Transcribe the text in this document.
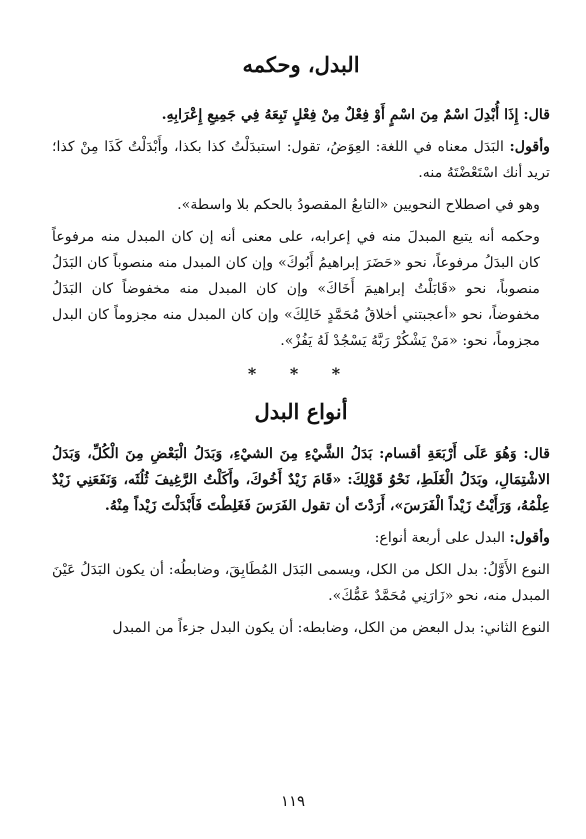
البدل، وحكمه

قال: إِذَا أُبْدِلَ اسْمٌ مِنَ اسْمٍ أَوْ فِعْلٌ مِنْ فِعْلٍ تَبِعَهُ فِي جَمِيعِ إِعْرَابِهِ.

وأقول: البَدَل معناه في اللغة: العِوَضُ، تقول: استبدَلْتُ كذا بكذا، وأَبْدَلْتُ كَذَا مِنْ كذا؛ تريد أنك اسْتَعْضْتَهُ منه.

وهو في اصطلاح النحويين «التابعُ المقصودُ بالحكم بلا واسطة».

وحكمه أنه يتبع المبدلَ منه في إعرابه، على معنى أنه إن كان المبدل منه مرفوعاً كان البدَلُ مرفوعاً، نحو «حَضَرَ إبراهيمُ أَبُوكَ» وإن كان المبدل منه منصوباً كان البَدَلُ منصوباً، نحو «قَابَلْتُ إبراهيمَ أَخَاكَ» وإن كان المبدل منه مخفوضاً كان البَدَلُ مخفوضاً، نحو «أعجبتني أخلاقُ مُحَمَّدٍ خَالِكَ» وإن كان المبدل منه مجزوماً كان البدل مجزوماً، نحو: «مَنْ يَشْكُرْ رَبَّهُ يَسْجُدْ لَهُ يَفُزْ».

* * *
أنواع البدل

قال: وَهُوَ عَلَى أَرْبَعَةِ أقسام: بَدَلُ الشَّيْءِ مِنَ الشيْءِ، وَبَدَلُ الْبَعْضِ مِنَ الْكُلِّ، وَبَدَلُ الاشْتِمَالِ، وبَدَلُ الْغَلَطِ، نَحْوُ قَوْلِكَ: «قَامَ زَيْدٌ أَخُوكَ، وأَكَلْتُ الرَّغِيفَ ثُلُثَه، وَنَفَعَنِي زَيْدٌ عِلْمُهُ، وَرَأَيْتُ زَيْداً الْفَرَسَ»، أَرَدْتَ أن تقول الفَرَسَ فَغَلِطْتَ فَأَبْدَلْتَ زَيْداً مِنْهُ.

وأقول: البدل على أربعة أنواع:

النوع الأَوَّلُ: بدل الكل من الكل، ويسمى البَدَل المُطَابِقَ، وضابطُه: أن يكون البَدَلُ عَيْنَ المبدل منه، نحو «زَارَنِي مُحَمَّدٌ عَمُّكَ».

النوع الثاني: بدل البعض من الكل، وضابطه: أن يكون البدل جزءاً من المبدل

١١٩
